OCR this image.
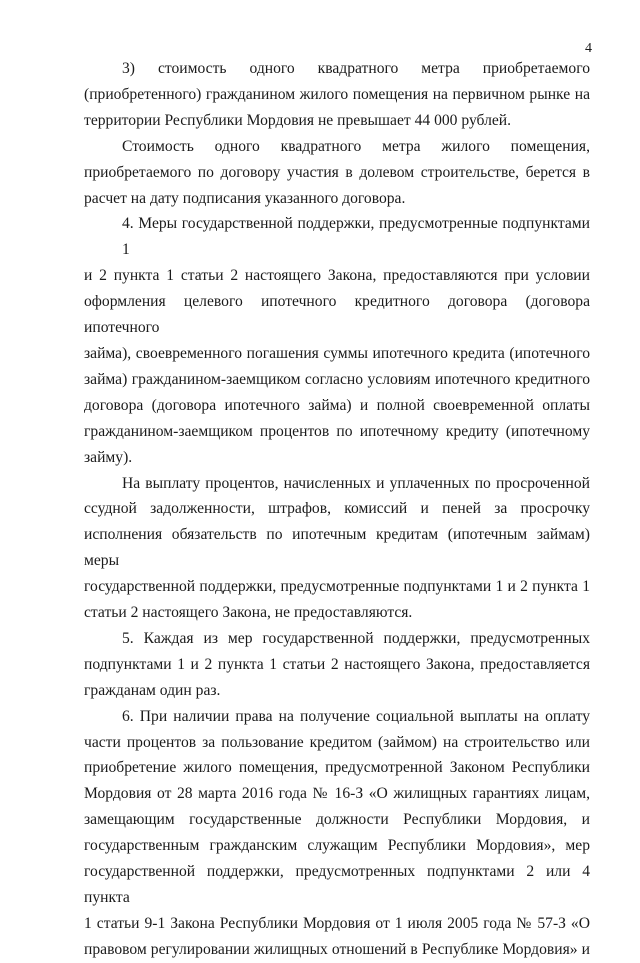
4

3) стоимость одного квадратного метра приобретаемого
(приобретенного) гражданином жилого помещения на первичном рынке на
территории Республики Мордовия не превышает 44 000 рублей.

Стоимость одного квадратного метра жилого помещения,
приобретаемого по договору участия в долевом строительстве, берется в
расчет на дату подписания указанного договора.

4. Меры государственной поддержки, предусмотренные подпунктами 1
и 2 пункта 1 статьи 2 настоящего Закона, предоставляются при условии
оформления целевого ипотечного кредитного договора (договора ипотечного
займа), своевременного погашения суммы ипотечного кредита (ипотечного
займа) гражданином-заемщиком согласно условиям ипотечного кредитного
договора (договора ипотечного займа) и полной своевременной оплаты
гражданином-заемщиком процентов по ипотечному кредиту (ипотечному
займу).

На выплату процентов, начисленных и уплаченных по просроченной
ссудной задолженности, штрафов, комиссий и пеней за просрочку
исполнения обязательств по ипотечным кредитам (ипотечным займам) меры
государственной поддержки, предусмотренные подпунктами 1 и 2 пункта 1
статьи 2 настоящего Закона, не предоставляются.

5. Каждая из мер государственной поддержки, предусмотренных
подпунктами 1 и 2 пункта 1 статьи 2 настоящего Закона, предоставляется
гражданам один раз.

6. При наличии права на получение социальной выплаты на оплату
части процентов за пользование кредитом (займом) на строительство или
приобретение жилого помещения, предусмотренной Законом Республики
Мордовия от 28 марта 2016 года № 16-З «О жилищных гарантиях лицам,
замещающим государственные должности Республики Мордовия, и
государственным гражданским служащим Республики Мордовия», мер
государственной поддержки, предусмотренных подпунктами 2 или 4 пункта
1 статьи 9-1 Закона Республики Мордовия от 1 июля 2005 года № 57-З «О
правовом регулировании жилищных отношений в Республике Мордовия» и
